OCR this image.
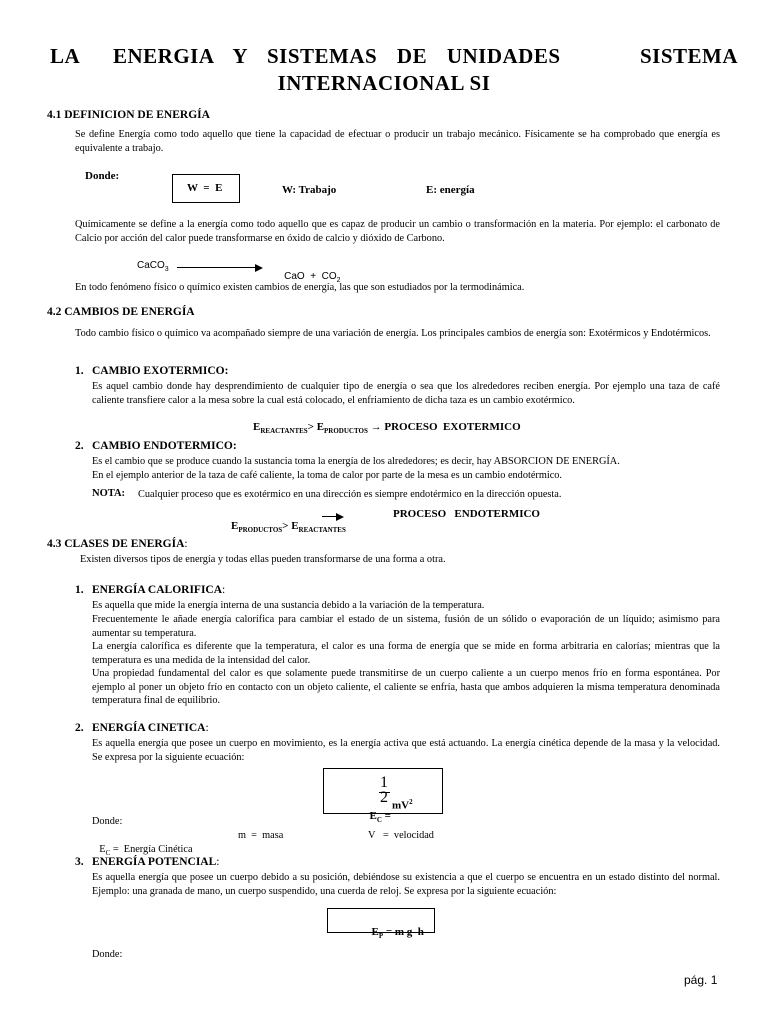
LA ENERGIA Y SISTEMAS DE UNIDADES	SISTEMA
INTERNACIONAL SI
4.1 DEFINICION DE ENERGÍA
Se define Energía como todo aquello que tiene la capacidad de efectuar o producir un trabajo mecánico. Físicamente se ha comprobado que energía es equivalente a trabajo.
Donde:
W  =  E	W: Trabajo	E: energía
Químicamente se define a la energía como todo aquello que es capaz de producir un cambio o transformación en la materia. Por ejemplo: el carbonato de Calcio por acción del calor puede transformarse en óxido de calcio y dióxido de Carbono.
CaCO$_3$

CaO  +  $CO_2$

En todo fenómeno físico o químico existen cambios de energía, las que son estudiados por la termodinámica.
4.2 CAMBIOS DE ENERGÍA
Todo cambio físico o químico va acompañado siempre de una variación de energía. Los principales cambios de energía son: Exotérmicos y Endotérmicos.
1. CAMBIO EXOTERMICO:
Es aquel cambio donde hay desprendimiento de cualquier tipo de energía o sea que los alrededores reciben energía. Por ejemplo una taza de café caliente transfiere calor a la mesa sobre la cual está colocado, el enfriamiento de dicha taza es un cambio exotérmico.

$E_{REACTANTES}> E_{PRODUCTOS}$ → PROCESO  EXOTERMICO

2. CAMBIO ENDOTERMICO:
Es el cambio que se produce cuando la sustancia toma la energía de los alrededores; es decir, hay ABSORCION DE ENERGÍA.
En el ejemplo anterior de la taza de café caliente, la toma de calor por parte de la mesa es un cambio endotérmico.
NOTA: Cualquier proceso que es exotérmico en una dirección es siempre endotérmico en la dirección opuesta.

$E_{PRODUCTOS}> E_{REACTANTES}$

PROCESO   ENDOTERMICO
4.3 CLASES DE ENERGÍA:
Existen diversos tipos de energía y todas ellas pueden transformarse de una forma a otra.
1. ENERGÍA CALORIFICA:
Es aquella que mide la energía interna de una sustancia debido a la variación de la temperatura.
Frecuentemente le añade energía calorífica para cambiar el estado de un sistema, fusión de un sólido o evaporación de un líquido; asimismo para aumentar su temperatura.
La energía calorífica es diferente que la temperatura, el calor es una forma de energía que se mide en forma arbitraria en calorías; mientras que la temperatura es una medida de la intensidad del calor.
Una propiedad fundamental del calor es que solamente puede transmitirse de un cuerpo caliente a un cuerpo menos frío en forma espontánea. Por ejemplo al poner un objeto frío en contacto con un objeto caliente, el caliente se enfría, hasta que ambos adquieren la misma temperatura denominada temperatura final de equilibrio.
2. ENERGÍA CINETICA:
Es aquella energía que posee un cuerpo en movimiento, es la energía activa que está actuando. La energía cinética depende de la masa y la velocidad. Se expresa por la siguiente ecuación:
1
2

$E_C$ =

$mV^2$
Donde:

$E_C$ =  Energía Cinética

m  =  masa	V   =  velocidad
3. ENERGÍA POTENCIAL:
Es aquella energía que posee un cuerpo debido a su posición, debiéndose su existencia a que el cuerpo se encuentra en un estado distinto del normal. Ejemplo: una granada de mano, un cuerpo suspendido, una cuerda de reloj. Se expresa por la siguiente ecuación:

$E_P = m$ g  h

Donde:
pág. 1
